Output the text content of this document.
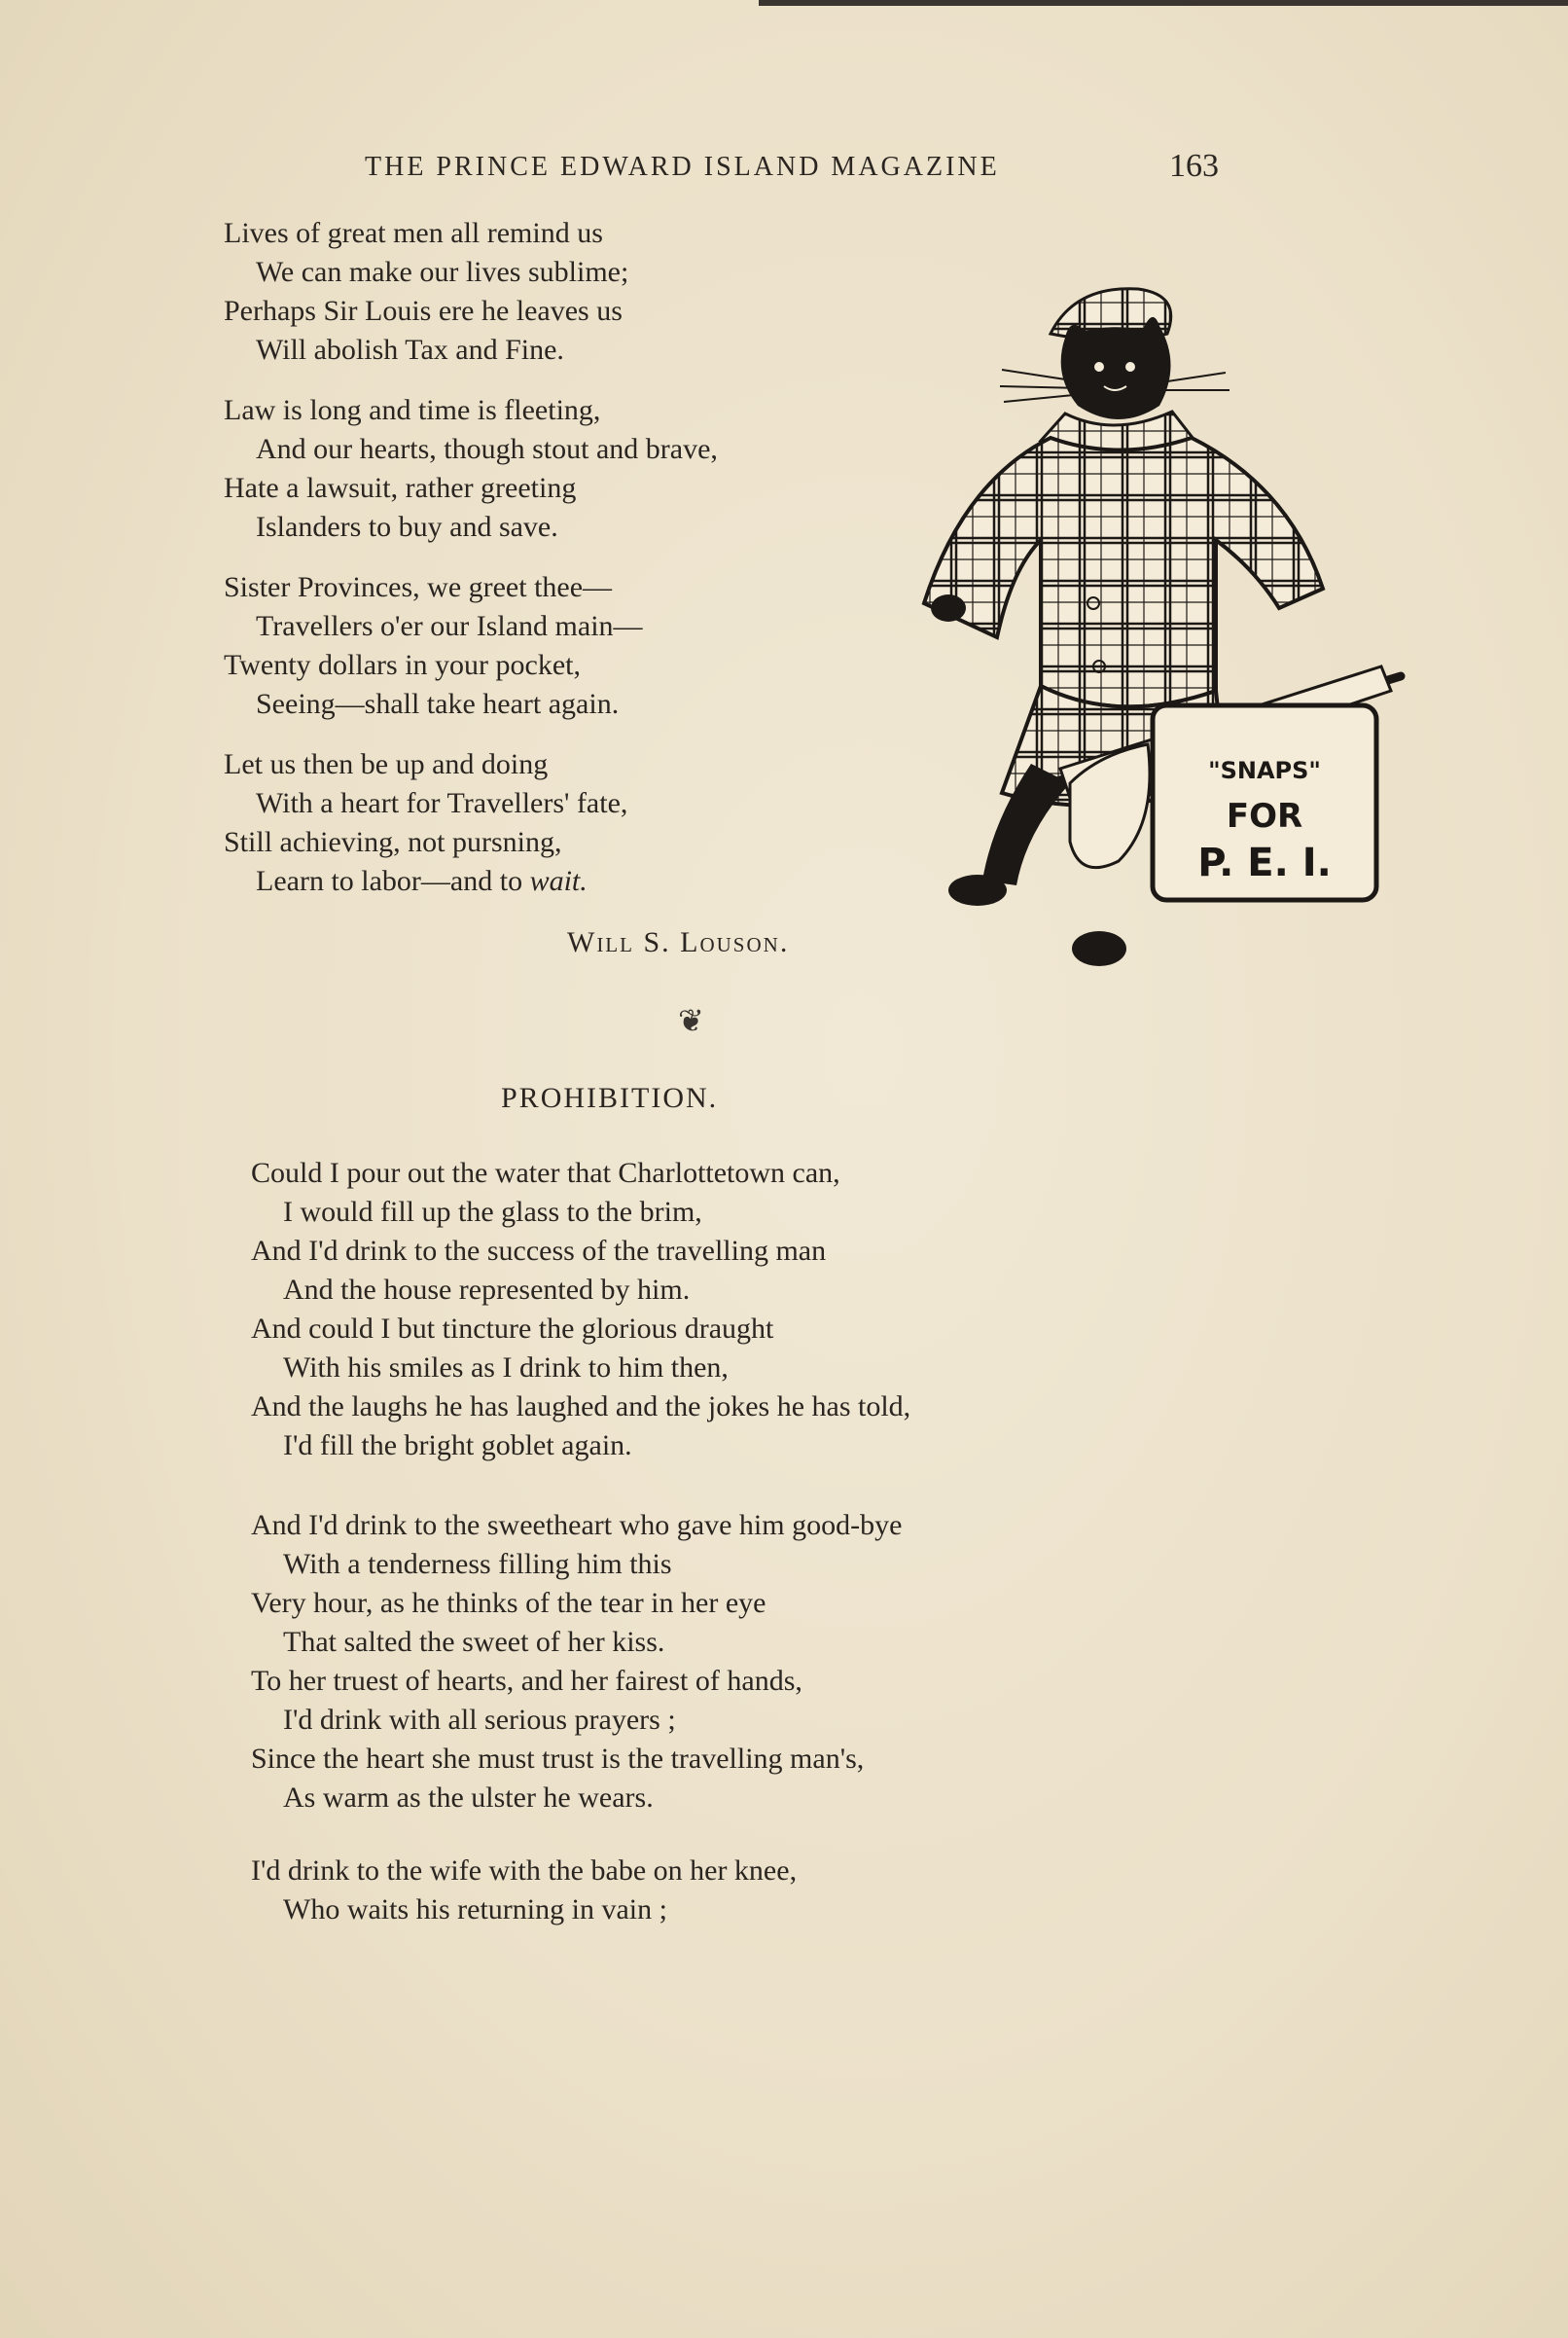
THE PRINCE EDWARD ISLAND MAGAZINE	163
Lives of great men all remind us
We can make our lives sublime;
Perhaps Sir Louis ere he leaves us
Will abolish Tax and Fine.
Law is long and time is fleeting,
And our hearts, though stout and brave,
Hate a lawsuit, rather greeting
Islanders to buy and save.
Sister Provinces, we greet thee—
Travellers o'er our Island main—
Twenty dollars in your pocket,
Seeing—shall take heart again.
Let us then be up and doing
With a heart for Travellers' fate,
Still achieving, not pursning,
Learn to labor—and to wait.
Will S. Louson.
"SNAPS"
FOR
P. E. I.
❦
PROHIBITION.
Could I pour out the water that Charlottetown can,
I would fill up the glass to the brim,
And I'd drink to the success of the travelling man
And the house represented by him.
And could I but tincture the glorious draught
With his smiles as I drink to him then,
And the laughs he has laughed and the jokes he has told,
I'd fill the bright goblet again.
And I'd drink to the sweetheart who gave him good-bye
With a tenderness filling him this
Very hour, as he thinks of the tear in her eye
That salted the sweet of her kiss.
To her truest of hearts, and her fairest of hands,
I'd drink with all serious prayers ;
Since the heart she must trust is the travelling man's,
As warm as the ulster he wears.
I'd drink to the wife with the babe on her knee,
Who waits his returning in vain ;
